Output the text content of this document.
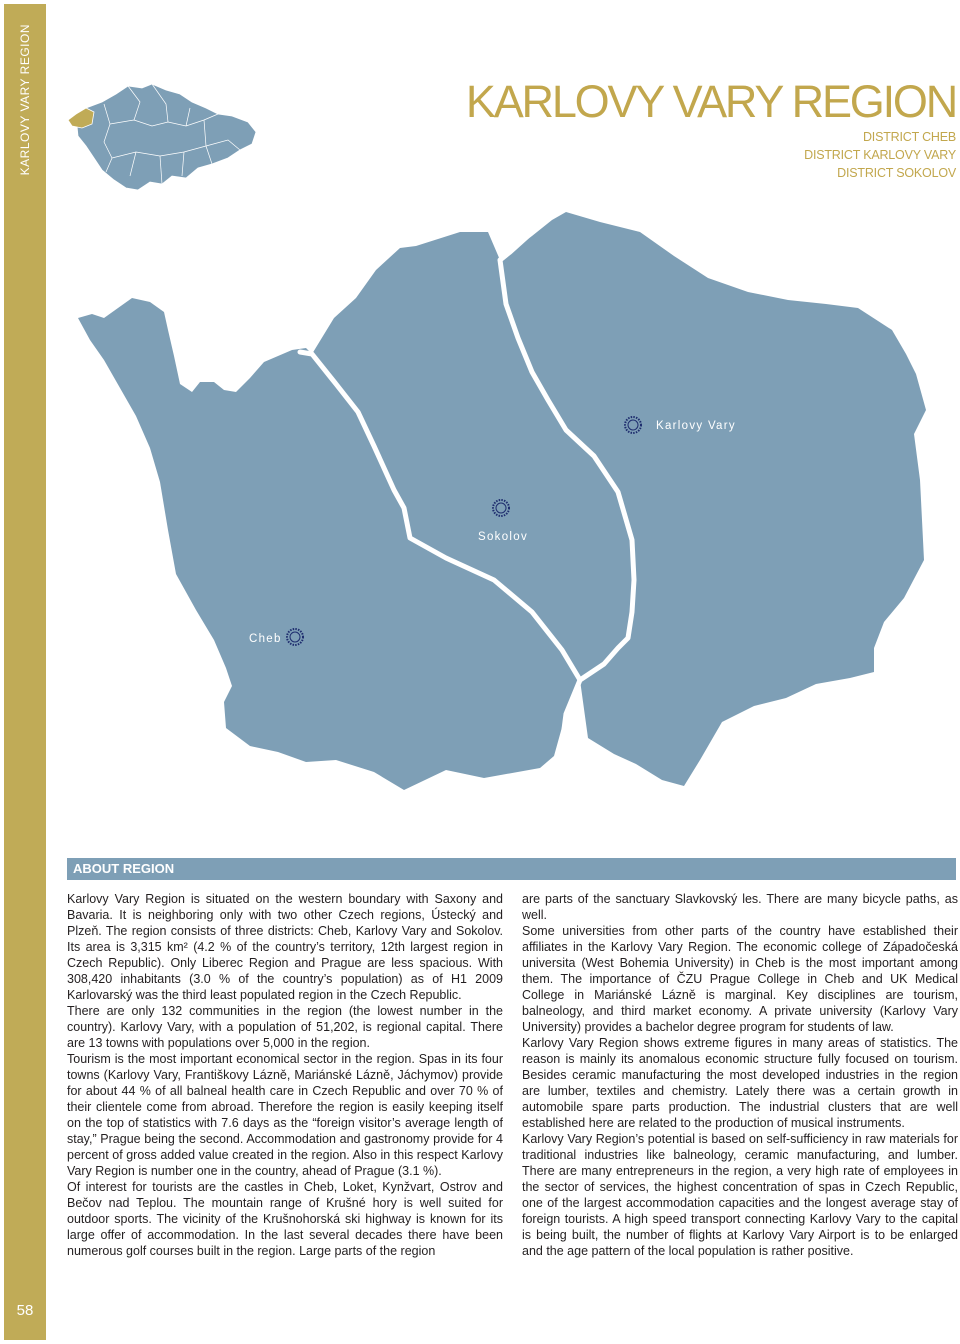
KARLOVY VARY REGION
58
KARLOVY VARY REGION
DISTRICT CHEB
DISTRICT KARLOVY VARY
DISTRICT SOKOLOV
Karlovy Vary
Sokolov
Cheb
ABOUT REGION

Karlovy Vary Region is situated on the western boundary with Saxony and Bavaria. It is neighboring only with two other Czech regions, Ústecký and Plzeň. The region consists of three districts: Cheb, Karlovy Vary and Sokolov. Its area is 3,315 km² (4.2 % of the country’s territory, 12th largest region in Czech Republic). Only Liberec Region and Prague are less spacious. With 308,420 inhabitants (3.0 % of the country’s population) as of H1 2009 Karlovarský was the third least populated region in the Czech Republic.

There are only 132 communities in the region (the lowest number in the country). Karlovy Vary, with a population of 51,202, is regional capital. There are 13 towns with populations over 5,000 in the region.

Tourism is the most important economical sector in the region. Spas in its four towns (Karlovy Vary, Františkovy Lázně, Mariánské Lázně, Jáchymov) provide for about 44 % of all balneal health care in Czech Republic and over 70 % of their clientele come from abroad. Therefore the region is easily keeping itself on the top of statistics with 7.6 days as the “foreign visitor’s average length of stay,” Prague being the second. Accommodation and gastronomy provide for 4 percent of gross added value created in the region. Also in this respect Karlovy Vary Region is number one in the country, ahead of Prague (3.1 %).

Of interest for tourists are the castles in Cheb, Loket, Kynžvart, Ostrov and Bečov nad Teplou. The mountain range of Krušné hory is well suited for outdoor sports. The vicinity of the Krušnohorská ski highway is known for its large offer of accommodation. In the last several decades there have been numerous golf courses built in the region. Large parts of the region

are parts of the sanctuary Slavkovský les. There are many bicycle paths, as well.

Some universities from other parts of the country have established their affiliates in the Karlovy Vary Region. The economic college of Západočeská universita (West Bohemia University) in Cheb is the most important among them. The importance of ČZU Prague College in Cheb and UK Medical College in Mariánské Lázně is marginal. Key disciplines are tourism, balneology, and third market economy. A private university (Karlovy Vary University) provides a bachelor degree program for students of law.

Karlovy Vary Region shows extreme figures in many areas of statistics. The reason is mainly its anomalous economic structure fully focused on tourism. Besides ceramic manufacturing the most developed industries in the region are lumber, textiles and chemistry. Lately there was a certain growth in automobile spare parts production. The industrial clusters that are well established here are related to the production of musical instruments.

Karlovy Vary Region’s potential is based on self-sufficiency in raw materials for traditional industries like balneology, ceramic manufacturing, and lumber. There are many entrepreneurs in the region, a very high rate of employees in the sector of services, the highest concentration of spas in Czech Republic, one of the largest accommodation capacities and the longest average stay of foreign tourists. A high speed transport connecting Karlovy Vary to the capital is being built, the number of flights at Karlovy Vary Airport is to be enlarged and the age pattern of the local population is rather positive.
